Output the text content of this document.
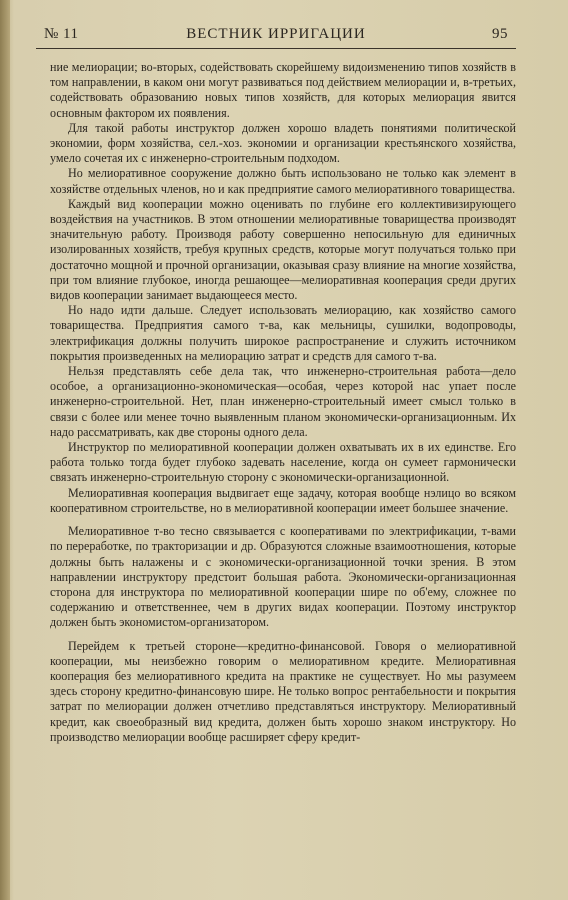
№ 11	ВЕСТНИК ИРРИГАЦИИ	95

ние мелиорации; во-вторых, содействовать скорейшему видоизменению типов хозяйств в том направлении, в каком они могут развиваться под действием мелиорации и, в-третьих, содействовать образованию новых типов хозяйств, для которых мелиорация явится основным фактором их появления.

Для такой работы инструктор должен хорошо владеть понятиями политической экономии, форм хозяйства, сел.-хоз. экономии и организации крестьянского хозяйства, умело сочетая их с инженерно-строительным подходом.

Но мелиоративное сооружение должно быть использовано не только как элемент в хозяйстве отдельных членов, но и как предприятие самого мелиоративного товарищества.

Каждый вид кооперации можно оценивать по глубине его коллективизирующего воздействия на участников. В этом отношении мелиоративные товарищества производят значительную работу. Производя работу совершенно непосильную для единичных изолированных хозяйств, требуя крупных средств, которые могут получаться только при достаточно мощной и прочной организации, оказывая сразу влияние на многие хозяйства, при том влияние глубокое, иногда решающее—мелиоративная кооперация среди других видов кооперации занимает выдающееся место.

Но надо идти дальше. Следует использовать мелиорацию, как хозяйство самого товарищества. Предприятия самого т-ва, как мельницы, сушилки, водопроводы, электрификация должны получить широкое распространение и служить источником покрытия произведенных на мелиорацию затрат и средств для самого т-ва.

Нельзя представлять себе дела так, что инженерно-строительная работа—дело особое, а организационно-экономическая—особая, через которой нас упает после инженерно-строительной. Нет, план инженерно-строительный имеет смысл только в связи с более или менее точно выявленным планом экономически-организационным. Их надо рассматривать, как две стороны одного дела.

Инструктор по мелиоративной кооперации должен охватывать их в их единстве. Его работа только тогда будет глубоко задевать население, когда он сумеет гармонически связать инженерно-строительную сторону с экономически-организационной.

Мелиоративная кооперация выдвигает еще задачу, которая вообще нэлицо во всяком кооперативном строительстве, но в мелиоративной кооперации имеет большее значение.

Мелиоративное т-во тесно связывается с кооперативами по электрификации, т-вами по переработке, по тракторизации и др. Образуются сложные взаимоотношения, которые должны быть налажены и с экономически-организационной точки зрения. В этом направлении инструктору предстоит большая работа. Экономически-организационная сторона для инструктора по мелиоративной кооперации шире по об'ему, сложнее по содержанию и ответственнее, чем в других видах кооперации. Поэтому инструктор должен быть экономистом-организатором.

Перейдем к третьей стороне—кредитно-финансовой. Говоря о мелиоративной кооперации, мы неизбежно говорим о мелиоративном кредите. Мелиоративная кооперация без мелиоративного кредита на практике не существует. Но мы разумеем здесь сторону кредитно-финансовую шире. Не только вопрос рентабельности и покрытия затрат по мелиорации должен отчетливо представляться инструктору. Мелиоративный кредит, как своеобразный вид кредита, должен быть хорошо знаком инструктору. Но производство мелиорации вообще расширяет сферу кредит-
